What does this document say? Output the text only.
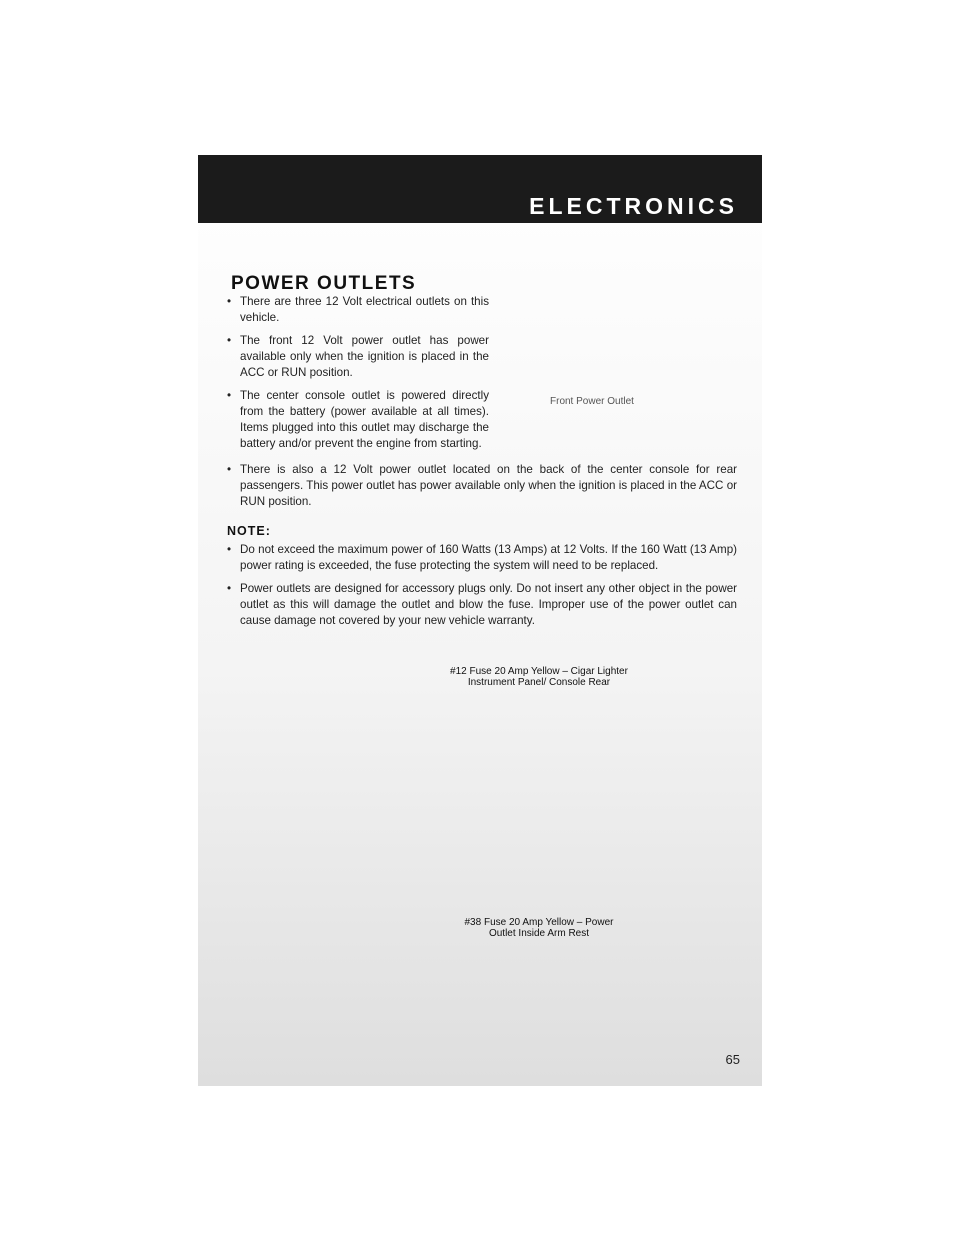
ELECTRONICS
POWER OUTLETS
• There are three 12 Volt electrical outlets on this vehicle.
• The front 12 Volt power outlet has power available only when the ignition is placed in the ACC or RUN position.
• The center console outlet is powered directly from the battery (power available at all times). Items plugged into this outlet may discharge the battery and/or prevent the engine from starting.
Front Power Outlet
• There is also a 12 Volt power outlet located on the back of the center console for rear passengers. This power outlet has power available only when the ignition is placed in the ACC or RUN position.
NOTE:
• Do not exceed the maximum power of 160 Watts (13 Amps) at 12 Volts. If the 160 Watt (13 Amp) power rating is exceeded, the fuse protecting the system will need to be replaced.
• Power outlets are designed for accessory plugs only. Do not insert any other object in the power outlet as this will damage the outlet and blow the fuse. Improper use of the power outlet can cause damage not covered by your new vehicle warranty.
#12 Fuse 20 Amp Yellow – Cigar Lighter
Instrument Panel/ Console Rear
#38 Fuse 20 Amp Yellow – Power
Outlet Inside Arm Rest
65
